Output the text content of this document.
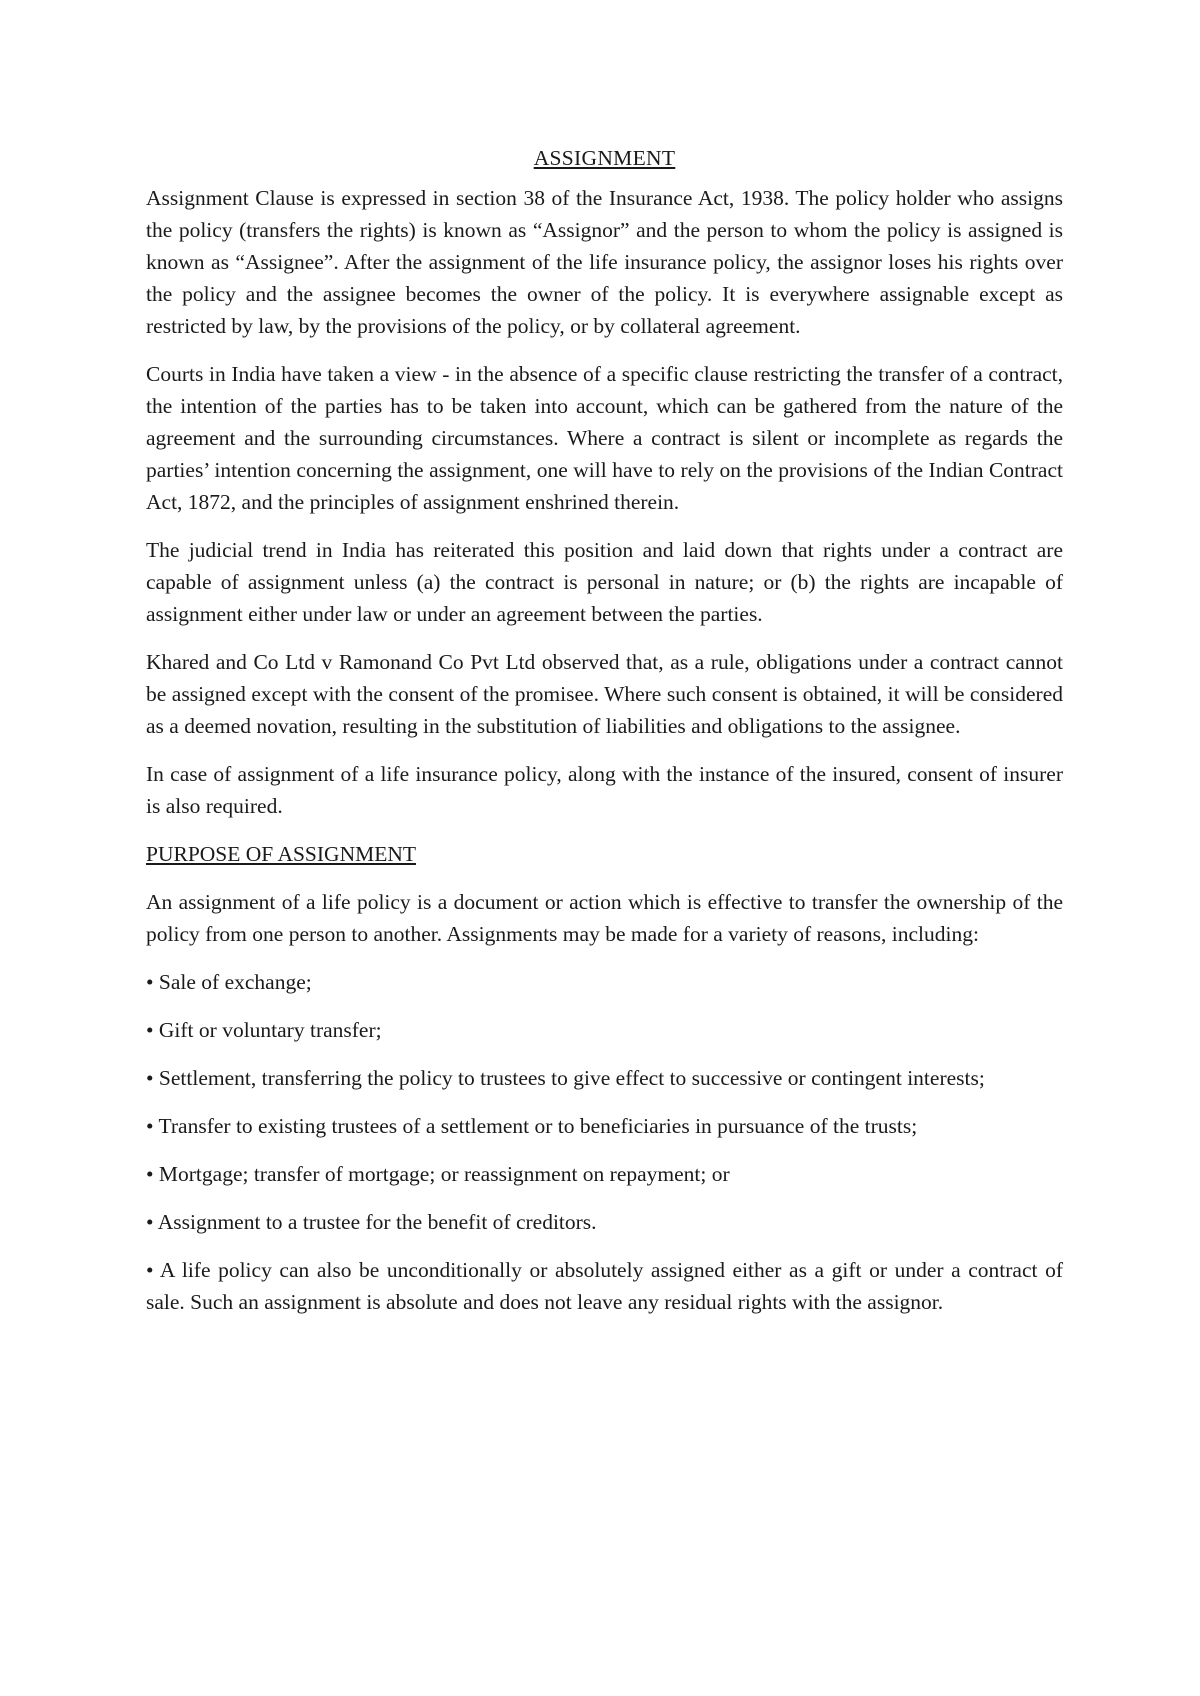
ASSIGNMENT

Assignment Clause is expressed in section 38 of the Insurance Act, 1938. The policy holder who assigns the policy (transfers the rights) is known as “Assignor” and the person to whom the policy is assigned is known as “Assignee”. After the assignment of the life insurance policy, the assignor loses his rights over the policy and the assignee becomes the owner of the policy. It is everywhere assignable except as restricted by law, by the provisions of the policy, or by collateral agreement.

Courts in India have taken a view - in the absence of a specific clause restricting the transfer of a contract, the intention of the parties has to be taken into account, which can be gathered from the nature of the agreement and the surrounding circumstances. Where a contract is silent or incomplete as regards the parties’ intention concerning the assignment, one will have to rely on the provisions of the Indian Contract Act, 1872, and the principles of assignment enshrined therein.

The judicial trend in India has reiterated this position and laid down that rights under a contract are capable of assignment unless (a) the contract is personal in nature; or (b) the rights are incapable of assignment either under law or under an agreement between the parties.

Khared and Co Ltd v Ramonand Co Pvt Ltd observed that, as a rule, obligations under a contract cannot be assigned except with the consent of the promisee. Where such consent is obtained, it will be considered as a deemed novation, resulting in the substitution of liabilities and obligations to the assignee.

In case of assignment of a life insurance policy, along with the instance of the insured, consent of insurer is also required.

PURPOSE OF ASSIGNMENT

An assignment of a life policy is a document or action which is effective to transfer the ownership of the policy from one person to another. Assignments may be made for a variety of reasons, including:

• Sale of exchange;

• Gift or voluntary transfer;

• Settlement, transferring the policy to trustees to give effect to successive or contingent interests;

• Transfer to existing trustees of a settlement or to beneficiaries in pursuance of the trusts;

• Mortgage; transfer of mortgage; or reassignment on repayment; or

• Assignment to a trustee for the benefit of creditors.

• A life policy can also be unconditionally or absolutely assigned either as a gift or under a contract of sale. Such an assignment is absolute and does not leave any residual rights with the assignor.
